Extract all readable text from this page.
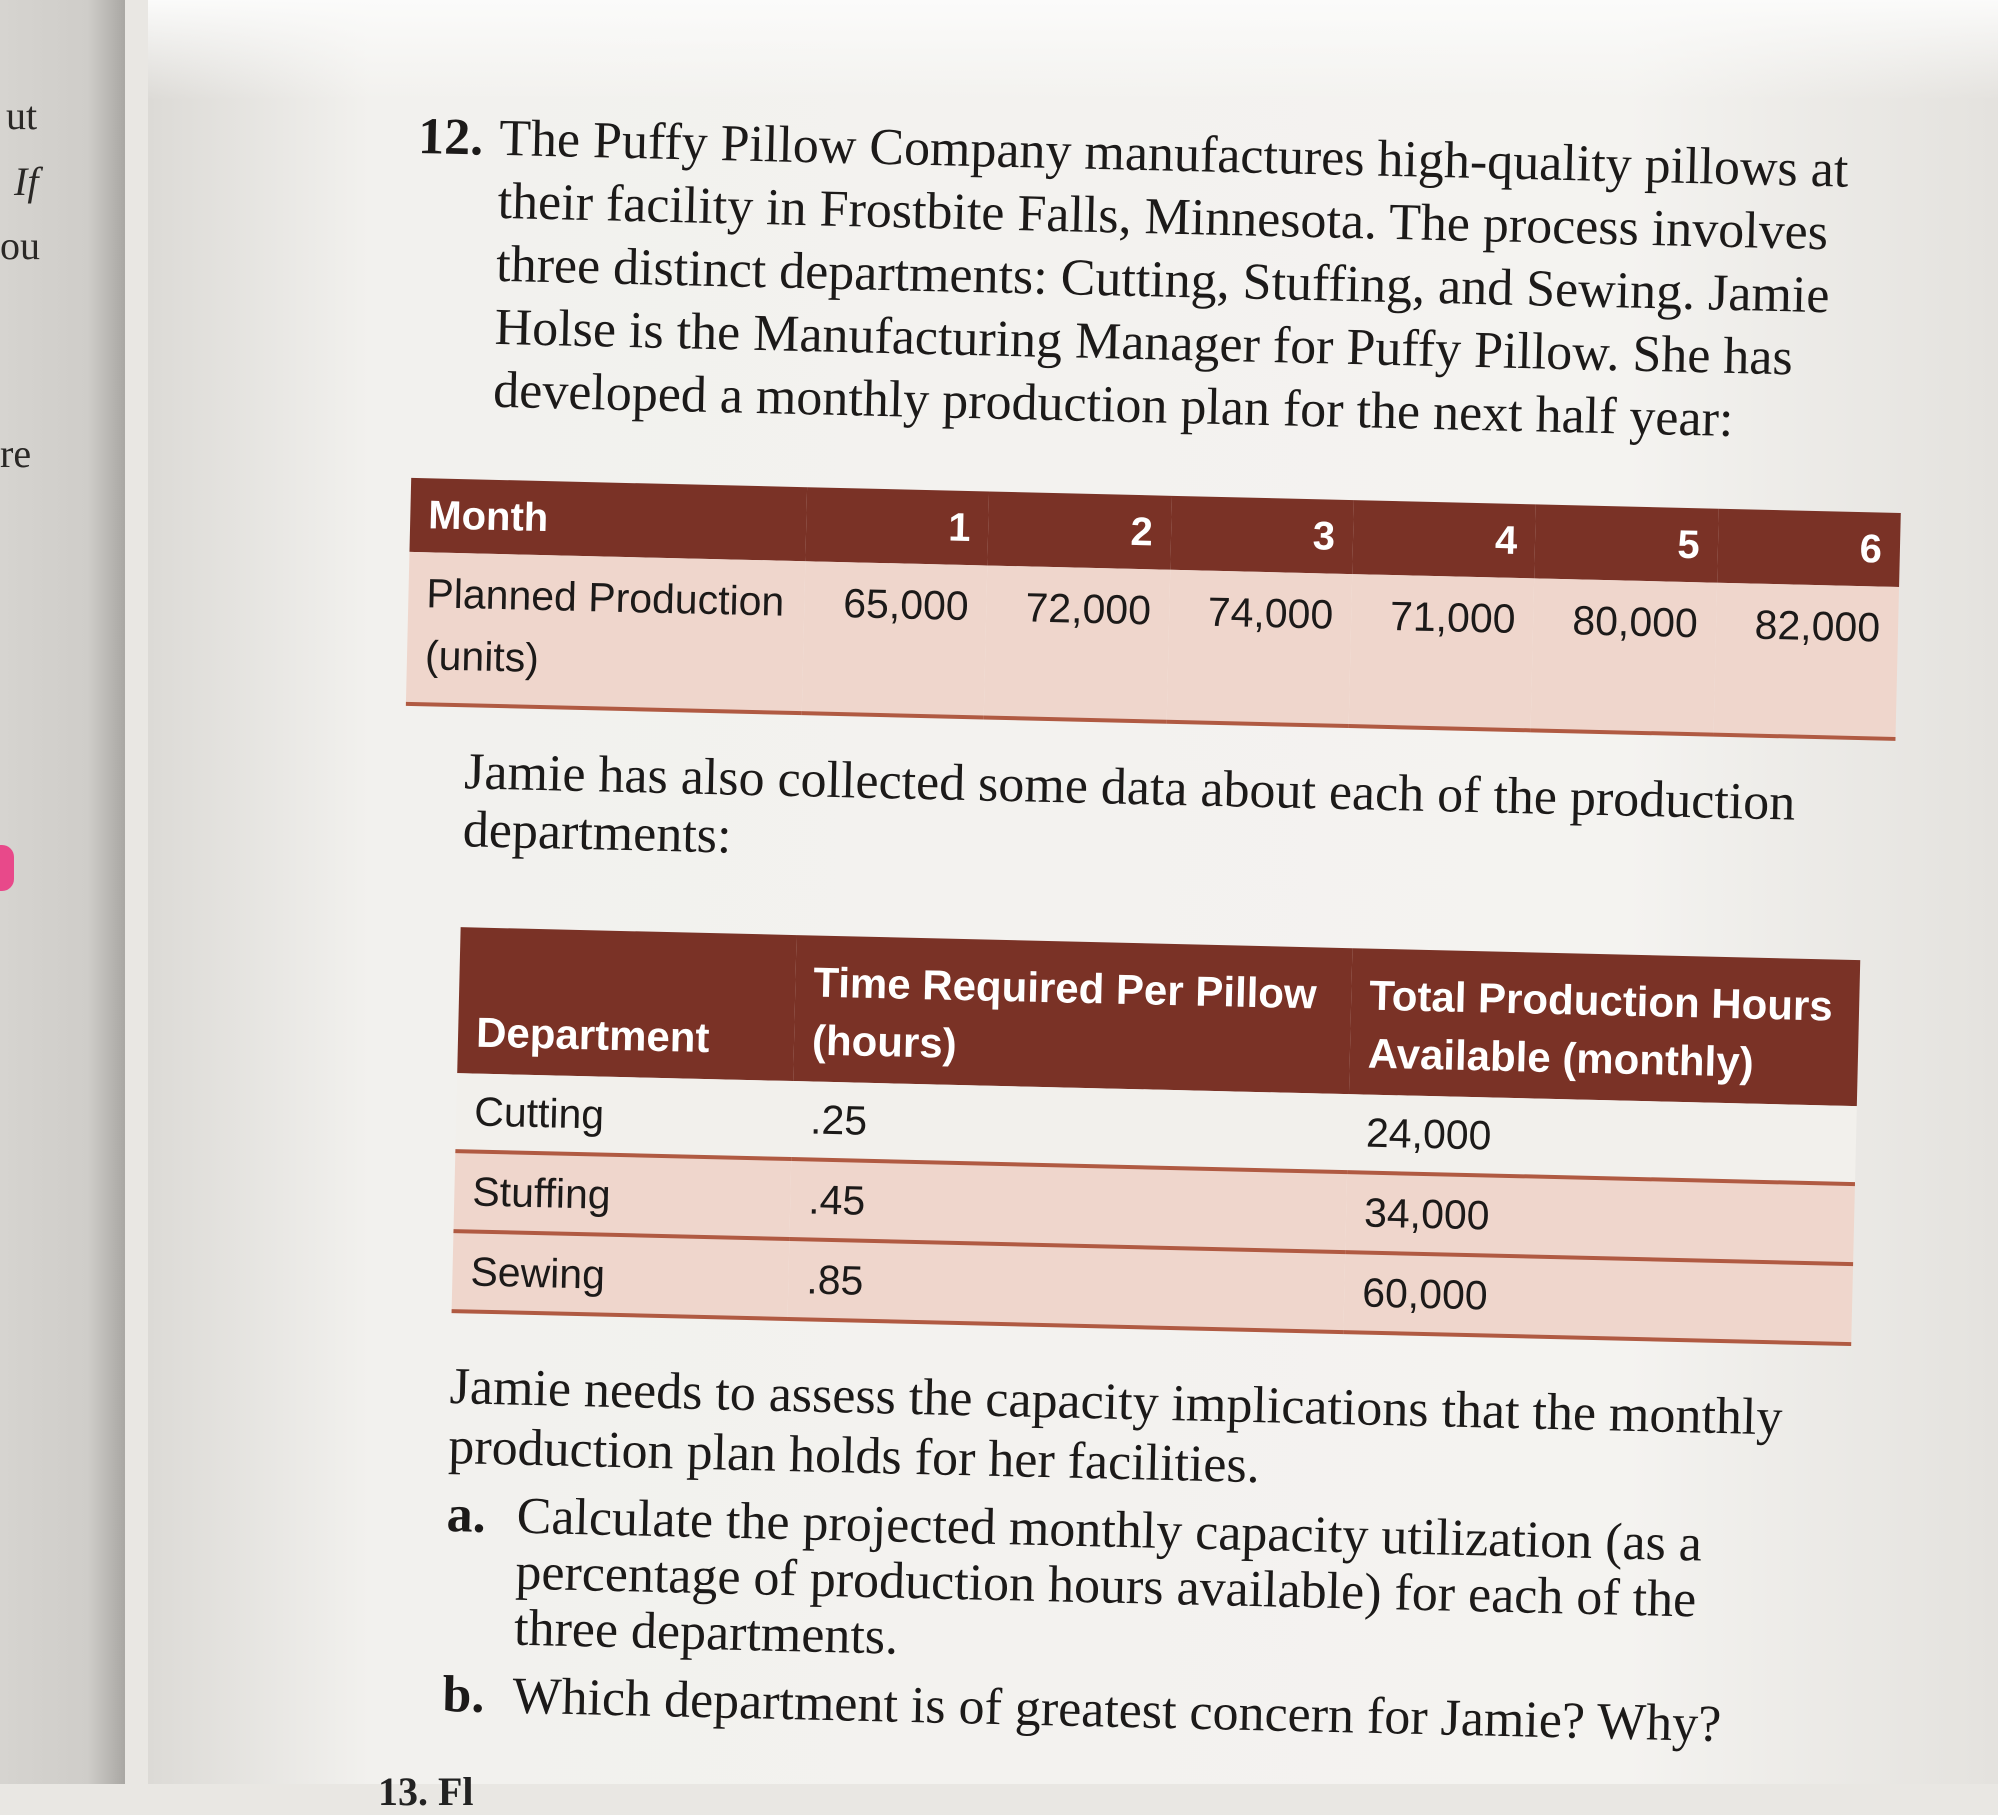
ut
If
ou
re
12. The Puffy Pillow Company manufactures high-quality pillows at their facility in Frostbite Falls, Minnesota. The process involves three distinct departments: Cutting, Stuffing, and Sewing. Jamie Holse is the Manufacturing Manager for Puffy Pillow. She has developed a monthly production plan for the next half year:
Month	1	2	3	4	5	6
Planned Production (units)	65,000	72,000	74,000	71,000	80,000	82,000
Jamie has also collected some data about each of the production departments:
Department	Time Required Per Pillow (hours)	Total Production Hours Available (monthly)
Cutting	.25	24,000
Stuffing	.45	34,000
Sewing	.85	60,000
Jamie needs to assess the capacity implications that the monthly production plan holds for her facilities.
a. Calculate the projected monthly capacity utilization (as a percentage of production hours available) for each of the three departments.
b. Which department is of greatest concern for Jamie? Why?
13. Fl
